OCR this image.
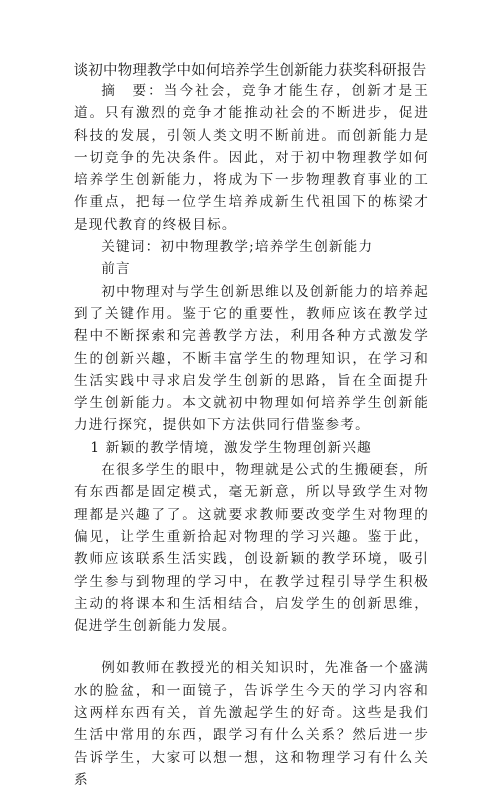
谈初中物理教学中如何培养学生创新能力获奖科研报告

摘　要：当今社会，竞争才能生存，创新才是王道。只有激烈的竞争才能推动社会的不断进步，促进科技的发展，引领人类文明不断前进。而创新能力是一切竞争的先决条件。因此，对于初中物理教学如何培养学生创新能力，将成为下一步物理教育事业的工作重点，把每一位学生培养成新生代祖国下的栋梁才是现代教育的终极目标。

关键词：初中物理教学;培养学生创新能力

前言

初中物理对与学生创新思维以及创新能力的培养起到了关键作用。鉴于它的重要性，教师应该在教学过程中不断探索和完善教学方法，利用各种方式激发学生的创新兴趣，不断丰富学生的物理知识，在学习和生活实践中寻求启发学生创新的思路，旨在全面提升学生创新能力。本文就初中物理如何培养学生创新能力进行探究，提供如下方法供同行借鉴参考。

1 新颖的教学情境，激发学生物理创新兴趣

在很多学生的眼中，物理就是公式的生搬硬套，所有东西都是固定模式，毫无新意，所以导致学生对物理都是兴趣了了。这就要求教师要改变学生对物理的偏见，让学生重新拾起对物理的学习兴趣。鉴于此，教师应该联系生活实践，创设新颖的教学环境，吸引学生参与到物理的学习中，在教学过程引导学生积极主动的将课本和生活相结合，启发学生的创新思维，促进学生创新能力发展。

例如教师在教授光的相关知识时，先准备一个盛满水的脸盆，和一面镜子，告诉学生今天的学习内容和这两样东西有关，首先激起学生的好奇。这些是我们生活中常用的东西，跟学习有什么关系？然后进一步告诉学生，大家可以想一想，这和物理学习有什么关系
